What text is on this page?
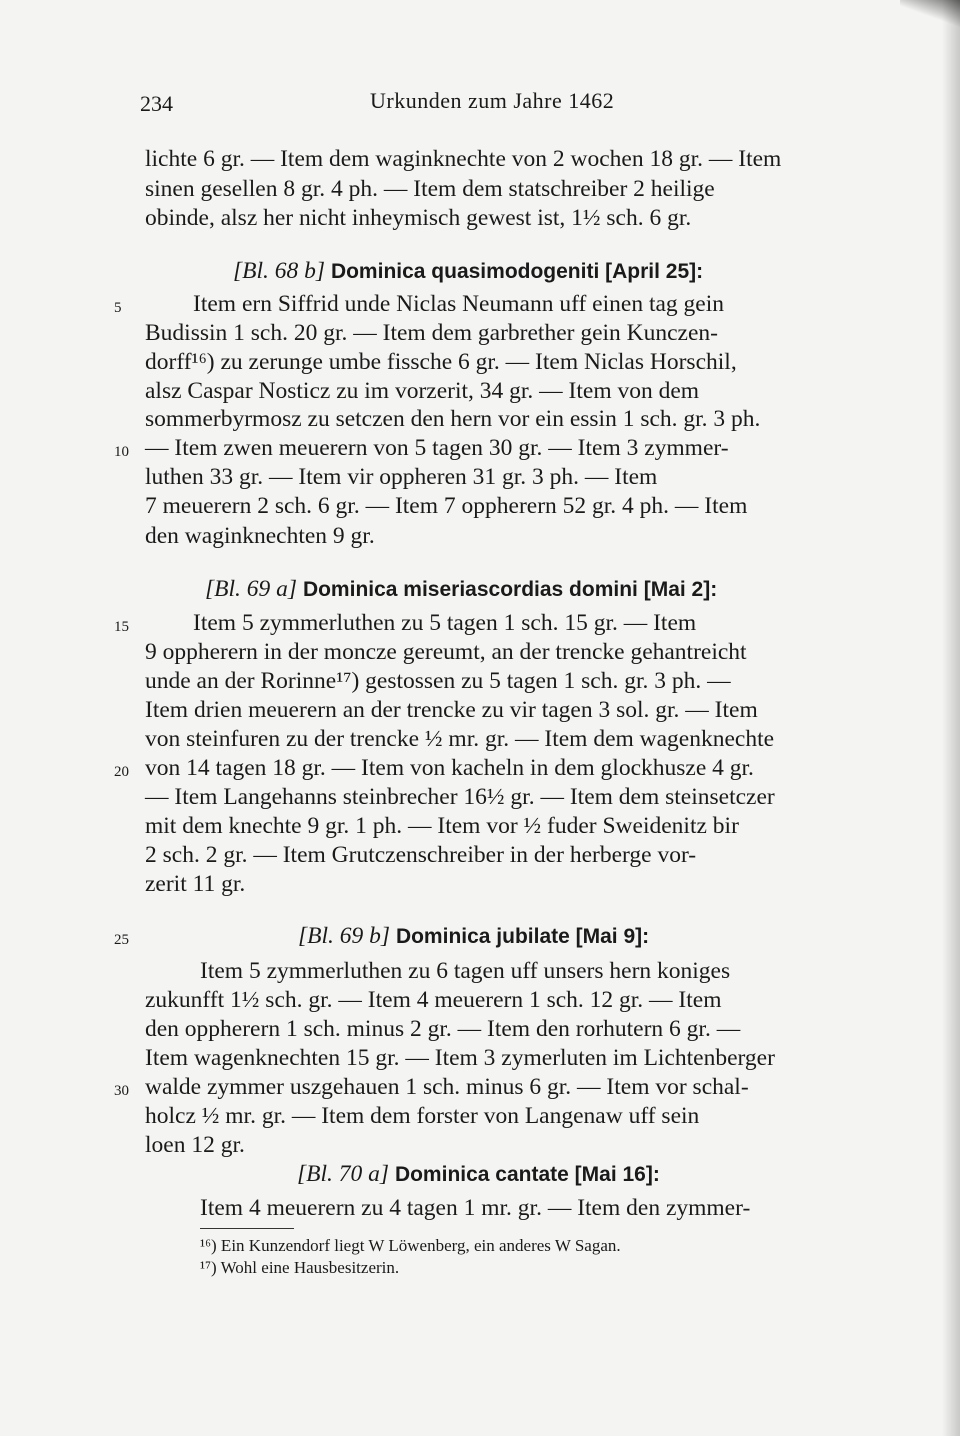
234	Urkunden zum Jahre 1462
lichte 6 gr. — Item dem waginknechte von 2 wochen 18 gr. — Item
sinen gesellen 8 gr. 4 ph. — Item dem statschreiber 2 heilige
obinde, alsz her nicht inheymisch gewest ist, 1½ sch. 6 gr.
[Bl. 68 b] Dominica quasimodogeniti [April 25]:
5	Item ern Siffrid unde Niclas Neumann uff einen tag gein
Budissin 1 sch. 20 gr. — Item dem garbrether gein Kunczen-
dorff¹⁶) zu zerunge umbe fissche 6 gr. — Item Niclas Horschil,
alsz Caspar Nosticz zu im vorzerit, 34 gr. — Item von dem
sommerbyrmosz zu setczen den hern vor ein essin 1 sch. gr. 3 ph.
10 — Item zwen meuerern von 5 tagen 30 gr. — Item 3 zymmer-
luthen 33 gr. — Item vir oppheren 31 gr. 3 ph. — Item
7 meuerern 2 sch. 6 gr. — Item 7 oppherern 52 gr. 4 ph. — Item
den waginknechten 9 gr.
[Bl. 69 a] Dominica miseriascordias domini [Mai 2]:
15	Item 5 zymmerluthen zu 5 tagen 1 sch. 15 gr. — Item
9 oppherern in der moncze gereumt, an der trencke gehantreicht
unde an der Rorinne¹⁷) gestossen zu 5 tagen 1 sch. gr. 3 ph. —
Item drien meuerern an der trencke zu vir tagen 3 sol. gr. — Item
von steinfuren zu der trencke ½ mr. gr. — Item dem wagenknechte
20 von 14 tagen 18 gr. — Item von kacheln in dem glockhusze 4 gr.
— Item Langehanns steinbrecher 16½ gr. — Item dem steinsetczer
mit dem knechte 9 gr. 1 ph. — Item vor ½ fuder Sweidenitz bir
2 sch. 2 gr. — Item Grutczenschreiber in der herberge vor-
zerit 11 gr.
25	[Bl. 69 b] Dominica jubilate [Mai 9]:
Item 5 zymmerluthen zu 6 tagen uff unsers hern koniges
zukunfft 1½ sch. gr. — Item 4 meuerern 1 sch. 12 gr. — Item
den oppherern 1 sch. minus 2 gr. — Item den rorhutern 6 gr. —
Item wagenknechten 15 gr. — Item 3 zymerluten im Lichtenberger
30 walde zymmer uszgehauen 1 sch. minus 6 gr. — Item vor schal-
holcz ½ mr. gr. — Item dem forster von Langenaw uff sein
loen 12 gr.
[Bl. 70 a] Dominica cantate [Mai 16]:
Item 4 meuerern zu 4 tagen 1 mr. gr. — Item den zymmer-
¹⁶) Ein Kunzendorf liegt W Löwenberg, ein anderes W Sagan.
¹⁷) Wohl eine Hausbesitzerin.
